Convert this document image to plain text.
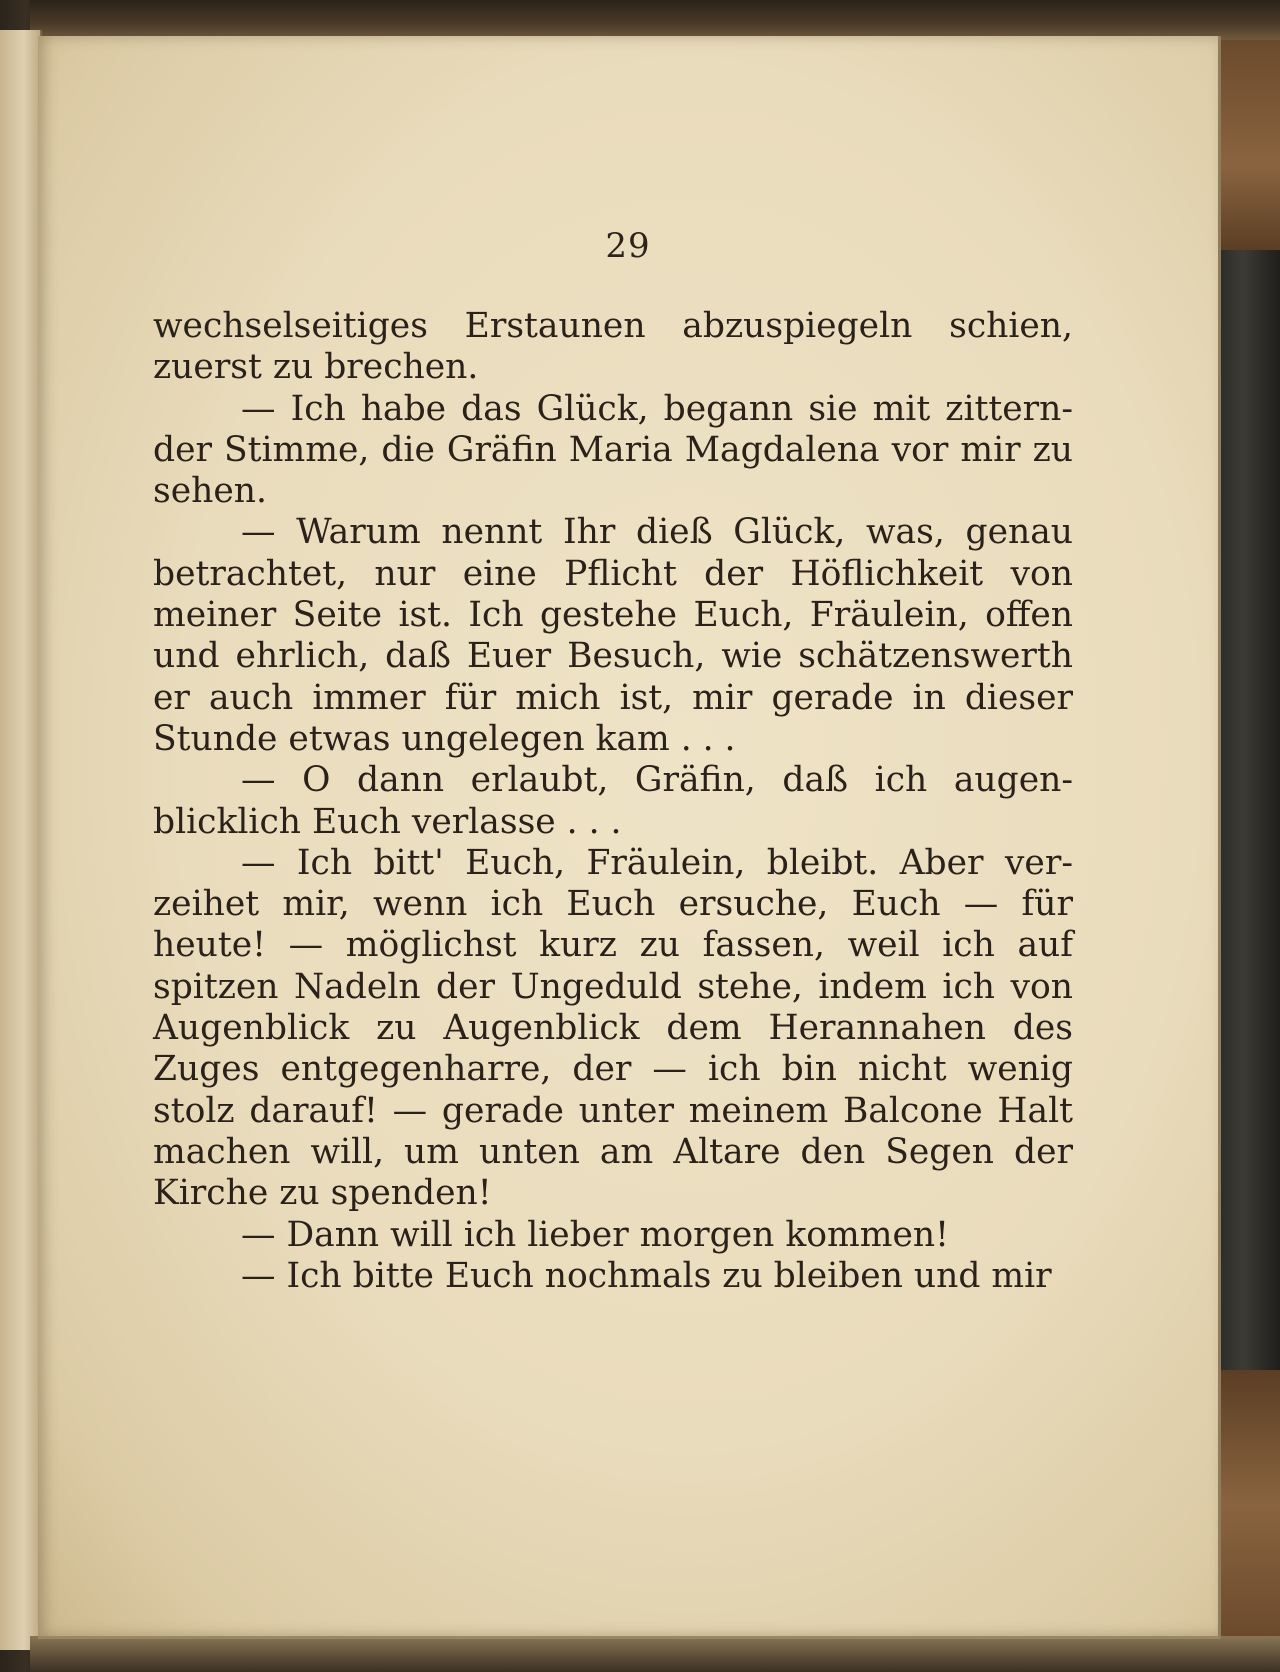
29

wechselseitiges Erstaunen abzuspiegeln schien, zuerst zu brechen.

— Ich habe das Glück, begann sie mit zittern- der Stimme, die Gräfin Maria Magdalena vor mir zu sehen.

— Warum nennt Ihr dieß Glück, was, genau betrachtet, nur eine Pflicht der Höflichkeit von meiner Seite ist. Ich gestehe Euch, Fräulein, offen und ehrlich, daß Euer Besuch, wie schätzenswerth er auch immer für mich ist, mir gerade in dieser Stunde etwas ungelegen kam . . .

— O dann erlaubt, Gräfin, daß ich augen- blicklich Euch verlasse . . .

— Ich bitt' Euch, Fräulein, bleibt. Aber ver- zeihet mir, wenn ich Euch ersuche, Euch — für heute! — möglichst kurz zu fassen, weil ich auf spitzen Nadeln der Ungeduld stehe, indem ich von Augenblick zu Augenblick dem Herannahen des Zuges entgegenharre, der — ich bin nicht wenig stolz darauf! — gerade unter meinem Balcone Halt machen will, um unten am Altare den Segen der Kirche zu spenden!

— Dann will ich lieber morgen kommen!

— Ich bitte Euch nochmals zu bleiben und mir
